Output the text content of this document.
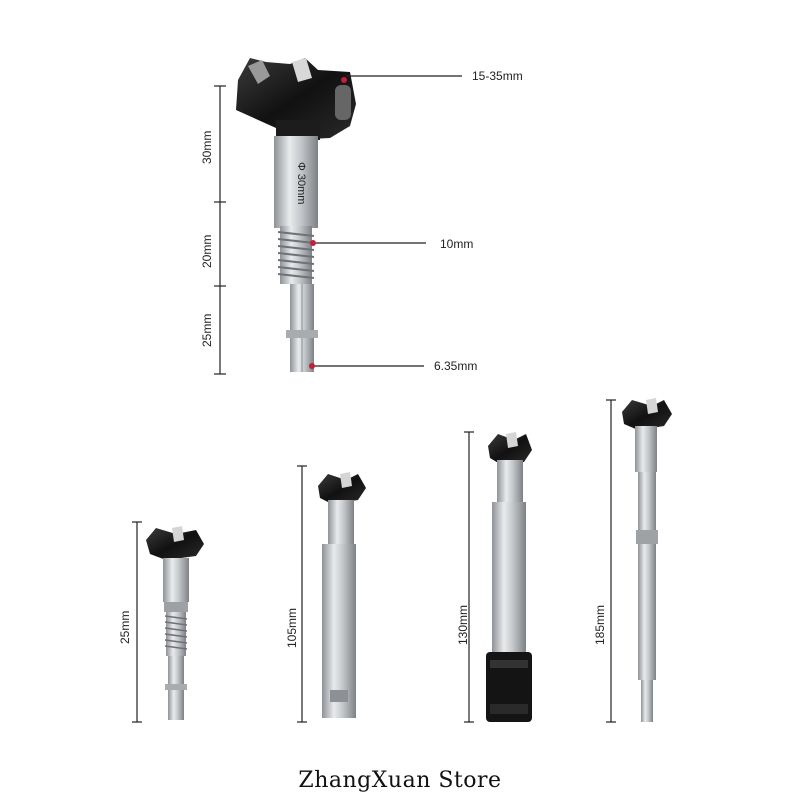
Φ 30mm
30mm
20mm
25mm
15-35mm
10mm
6.35mm
25mm	105mm	130mm	185mm
ZhangXuan Store
